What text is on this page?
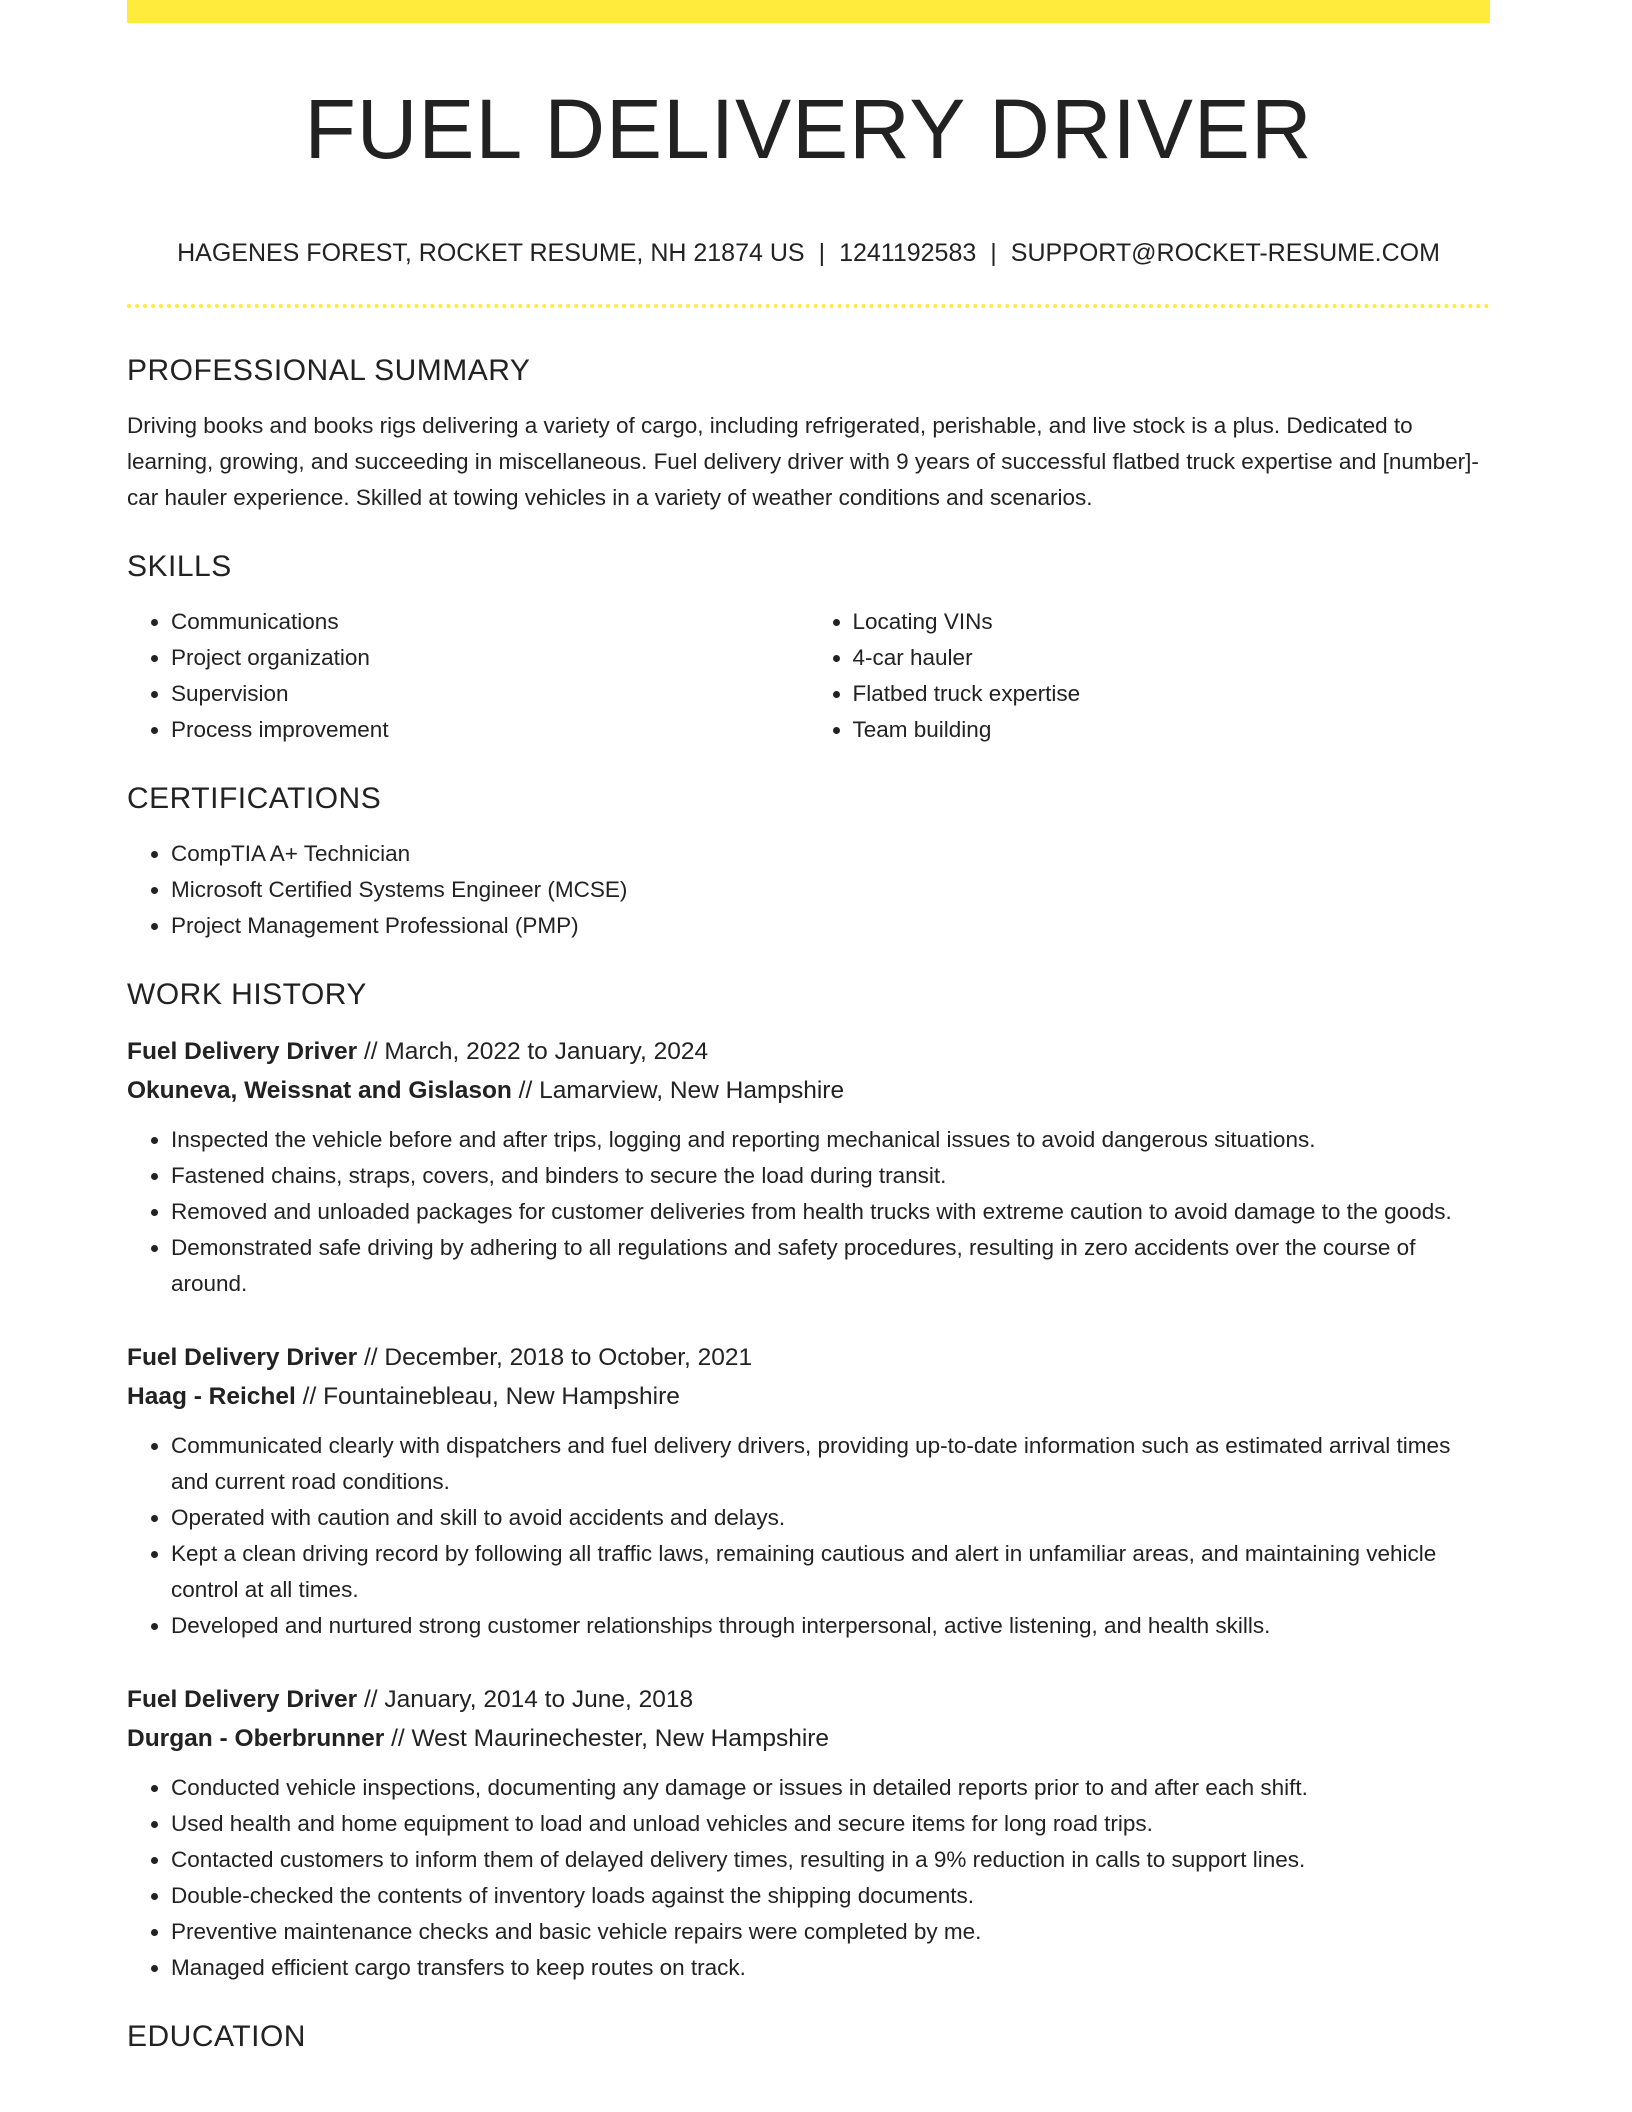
FUEL DELIVERY DRIVER
HAGENES FOREST, ROCKET RESUME, NH 21874 US | 1241192583 | SUPPORT@ROCKET-RESUME.COM
PROFESSIONAL SUMMARY

Driving books and books rigs delivering a variety of cargo, including refrigerated, perishable, and live stock is a plus. Dedicated to learning, growing, and succeeding in miscellaneous. Fuel delivery driver with 9 years of successful flatbed truck expertise and [number]-car hauler experience. Skilled at towing vehicles in a variety of weather conditions and scenarios.

SKILLS
• Communications
• Project organization
• Supervision
• Process improvement
• Locating VINs
• 4-car hauler
• Flatbed truck expertise
• Team building
CERTIFICATIONS
• CompTIA A+ Technician
• Microsoft Certified Systems Engineer (MCSE)
• Project Management Professional (PMP)
WORK HISTORY
Fuel Delivery Driver // March, 2022 to January, 2024
Okuneva, Weissnat and Gislason // Lamarview, New Hampshire
• Inspected the vehicle before and after trips, logging and reporting mechanical issues to avoid dangerous situations.
• Fastened chains, straps, covers, and binders to secure the load during transit.
• Removed and unloaded packages for customer deliveries from health trucks with extreme caution to avoid damage to the goods.
• Demonstrated safe driving by adhering to all regulations and safety procedures, resulting in zero accidents over the course of around.
Fuel Delivery Driver // December, 2018 to October, 2021
Haag - Reichel // Fountainebleau, New Hampshire
• Communicated clearly with dispatchers and fuel delivery drivers, providing up-to-date information such as estimated arrival times and current road conditions.
• Operated with caution and skill to avoid accidents and delays.
• Kept a clean driving record by following all traffic laws, remaining cautious and alert in unfamiliar areas, and maintaining vehicle control at all times.
• Developed and nurtured strong customer relationships through interpersonal, active listening, and health skills.
Fuel Delivery Driver // January, 2014 to June, 2018
Durgan - Oberbrunner // West Maurinechester, New Hampshire
• Conducted vehicle inspections, documenting any damage or issues in detailed reports prior to and after each shift.
• Used health and home equipment to load and unload vehicles and secure items for long road trips.
• Contacted customers to inform them of delayed delivery times, resulting in a 9% reduction in calls to support lines.
• Double-checked the contents of inventory loads against the shipping documents.
• Preventive maintenance checks and basic vehicle repairs were completed by me.
• Managed efficient cargo transfers to keep routes on track.
EDUCATION
